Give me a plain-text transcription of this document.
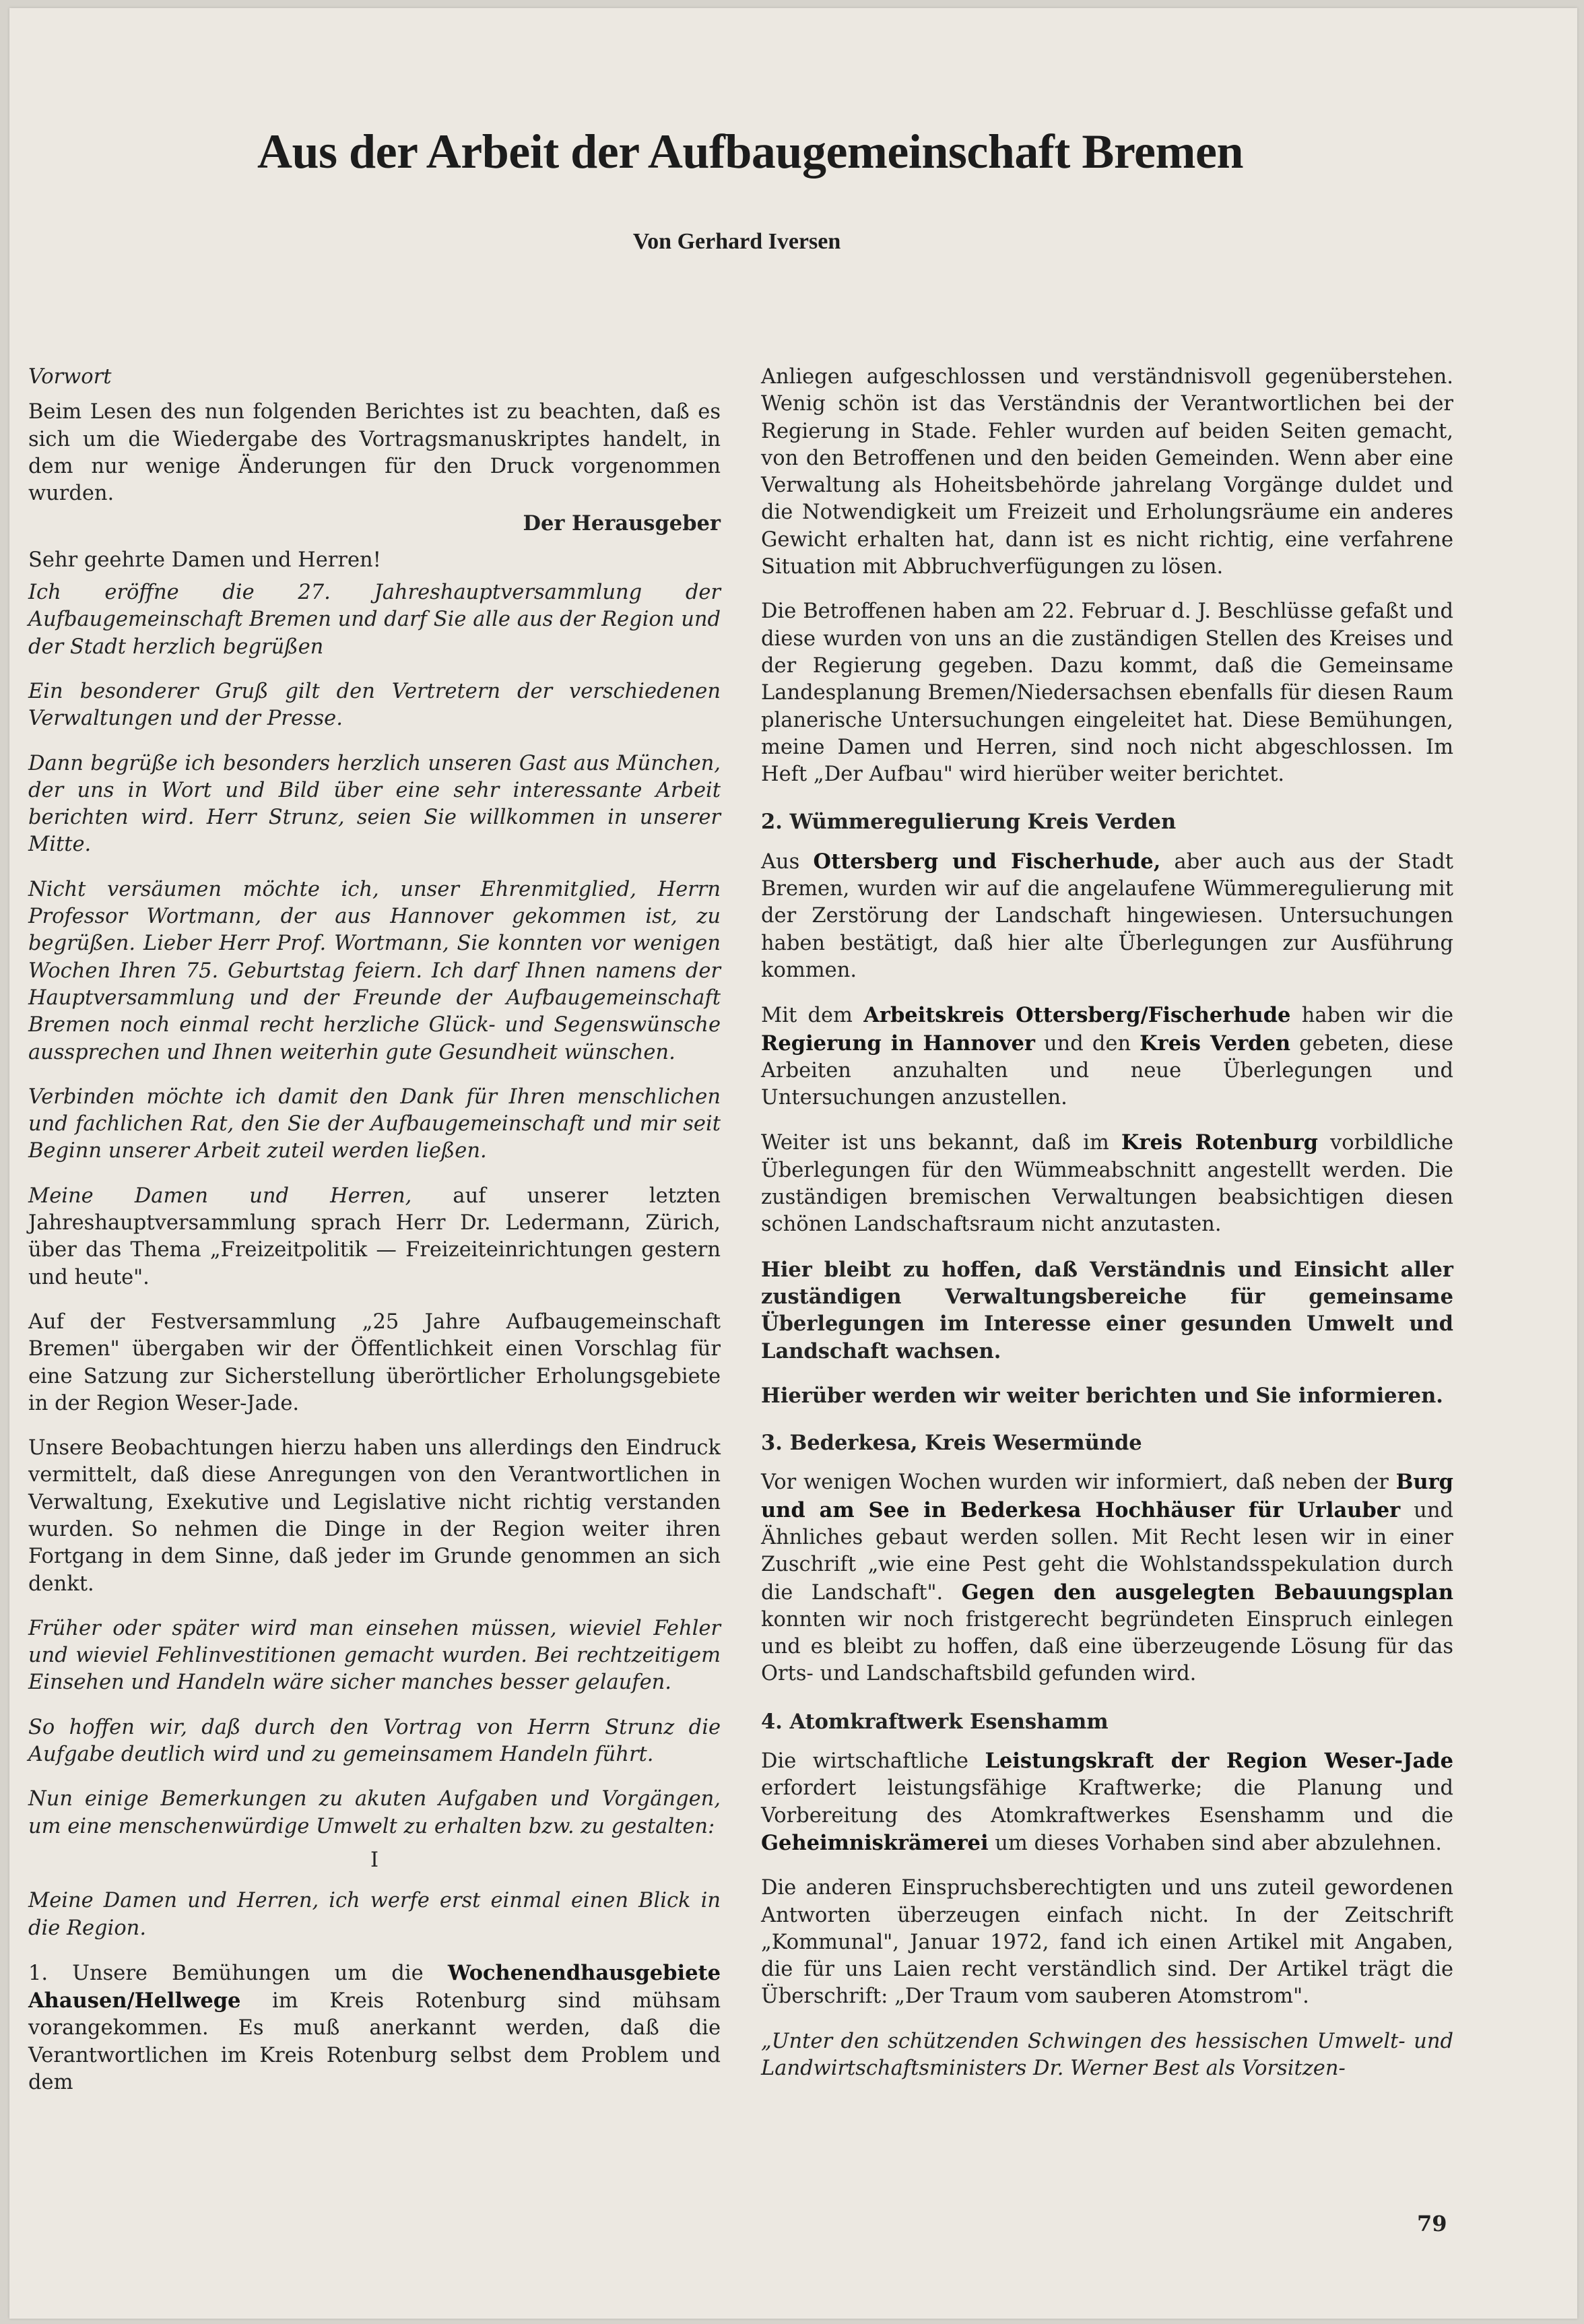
Aus der Arbeit der Aufbaugemeinschaft Bremen
Von Gerhard Iversen

Vorwort

Beim Lesen des nun folgenden Berichtes ist zu beachten, daß es sich um die Wiedergabe des Vortragsmanuskriptes handelt, in dem nur wenige Änderungen für den Druck vorgenommen wurden.

Der Herausgeber

Sehr geehrte Damen und Herren!

Ich eröffne die 27. Jahreshauptversammlung der Aufbaugemeinschaft Bremen und darf Sie alle aus der Region und der Stadt herzlich begrüßen

Ein besonderer Gruß gilt den Vertretern der verschiedenen Verwaltungen und der Presse.

Dann begrüße ich besonders herzlich unseren Gast aus München, der uns in Wort und Bild über eine sehr interessante Arbeit berichten wird. Herr Strunz, seien Sie willkommen in unserer Mitte.

Nicht versäumen möchte ich, unser Ehrenmitglied, Herrn Professor Wortmann, der aus Hannover gekommen ist, zu begrüßen. Lieber Herr Prof. Wortmann, Sie konnten vor wenigen Wochen Ihren 75. Geburtstag feiern. Ich darf Ihnen namens der Hauptversammlung und der Freunde der Aufbaugemeinschaft Bremen noch einmal recht herzliche Glück- und Segenswünsche aussprechen und Ihnen weiterhin gute Gesundheit wünschen.

Verbinden möchte ich damit den Dank für Ihren menschlichen und fachlichen Rat, den Sie der Aufbaugemeinschaft und mir seit Beginn unserer Arbeit zuteil werden ließen.

Meine Damen und Herren, auf unserer letzten Jahreshauptversammlung sprach Herr Dr. Ledermann, Zürich, über das Thema „Freizeitpolitik — Freizeiteinrichtungen gestern und heute".

Auf der Festversammlung „25 Jahre Aufbaugemeinschaft Bremen" übergaben wir der Öffentlichkeit einen Vorschlag für eine Satzung zur Sicherstellung überörtlicher Erholungsgebiete in der Region Weser-Jade.

Unsere Beobachtungen hierzu haben uns allerdings den Eindruck vermittelt, daß diese Anregungen von den Verantwortlichen in Verwaltung, Exekutive und Legislative nicht richtig verstanden wurden. So nehmen die Dinge in der Region weiter ihren Fortgang in dem Sinne, daß jeder im Grunde genommen an sich denkt.

Früher oder später wird man einsehen müssen, wieviel Fehler und wieviel Fehlinvestitionen gemacht wurden. Bei rechtzeitigem Einsehen und Handeln wäre sicher manches besser gelaufen.

So hoffen wir, daß durch den Vortrag von Herrn Strunz die Aufgabe deutlich wird und zu gemeinsamem Handeln führt.

Nun einige Bemerkungen zu akuten Aufgaben und Vorgängen, um eine menschenwürdige Umwelt zu erhalten bzw. zu gestalten:

I

Meine Damen und Herren, ich werfe erst einmal einen Blick in die Region.

1. Unsere Bemühungen um die Wochenendhausgebiete Ahausen/Hellwege im Kreis Rotenburg sind mühsam vorangekommen. Es muß anerkannt werden, daß die Verantwortlichen im Kreis Rotenburg selbst dem Problem und dem

Anliegen aufgeschlossen und verständnisvoll gegenüberstehen. Wenig schön ist das Verständnis der Verantwortlichen bei der Regierung in Stade. Fehler wurden auf beiden Seiten gemacht, von den Betroffenen und den beiden Gemeinden. Wenn aber eine Verwaltung als Hoheitsbehörde jahrelang Vorgänge duldet und die Notwendigkeit um Freizeit und Erholungsräume ein anderes Gewicht erhalten hat, dann ist es nicht richtig, eine verfahrene Situation mit Abbruchverfügungen zu lösen.

Die Betroffenen haben am 22. Februar d. J. Beschlüsse gefaßt und diese wurden von uns an die zuständigen Stellen des Kreises und der Regierung gegeben. Dazu kommt, daß die Gemeinsame Landesplanung Bremen/Niedersachsen ebenfalls für diesen Raum planerische Untersuchungen eingeleitet hat. Diese Bemühungen, meine Damen und Herren, sind noch nicht abgeschlossen. Im Heft „Der Aufbau" wird hierüber weiter berichtet.

2. Wümmeregulierung Kreis Verden

Aus Ottersberg und Fischerhude, aber auch aus der Stadt Bremen, wurden wir auf die angelaufene Wümmeregulierung mit der Zerstörung der Landschaft hingewiesen. Untersuchungen haben bestätigt, daß hier alte Überlegungen zur Ausführung kommen.

Mit dem Arbeitskreis Ottersberg/Fischerhude haben wir die Regierung in Hannover und den Kreis Verden gebeten, diese Arbeiten anzuhalten und neue Überlegungen und Untersuchungen anzustellen.

Weiter ist uns bekannt, daß im Kreis Rotenburg vorbildliche Überlegungen für den Wümmeabschnitt angestellt werden. Die zuständigen bremischen Verwaltungen beabsichtigen diesen schönen Landschaftsraum nicht anzutasten.

Hier bleibt zu hoffen, daß Verständnis und Einsicht aller zuständigen Verwaltungsbereiche für gemeinsame Überlegungen im Interesse einer gesunden Umwelt und Landschaft wachsen.

Hierüber werden wir weiter berichten und Sie informieren.

3. Bederkesa, Kreis Wesermünde

Vor wenigen Wochen wurden wir informiert, daß neben der Burg und am See in Bederkesa Hochhäuser für Urlauber und Ähnliches gebaut werden sollen. Mit Recht lesen wir in einer Zuschrift „wie eine Pest geht die Wohlstandsspekulation durch die Landschaft". Gegen den ausgelegten Bebauungsplan konnten wir noch fristgerecht begründeten Einspruch einlegen und es bleibt zu hoffen, daß eine überzeugende Lösung für das Orts- und Landschaftsbild gefunden wird.

4. Atomkraftwerk Esenshamm

Die wirtschaftliche Leistungskraft der Region Weser-Jade erfordert leistungsfähige Kraftwerke; die Planung und Vorbereitung des Atomkraftwerkes Esenshamm und die Geheimniskrämerei um dieses Vorhaben sind aber abzulehnen.

Die anderen Einspruchsberechtigten und uns zuteil gewordenen Antworten überzeugen einfach nicht. In der Zeitschrift „Kommunal", Januar 1972, fand ich einen Artikel mit Angaben, die für uns Laien recht verständlich sind. Der Artikel trägt die Überschrift: „Der Traum vom sauberen Atomstrom".

„Unter den schützenden Schwingen des hessischen Umwelt- und Landwirtschaftsministers Dr. Werner Best als Vorsitzen-

79
